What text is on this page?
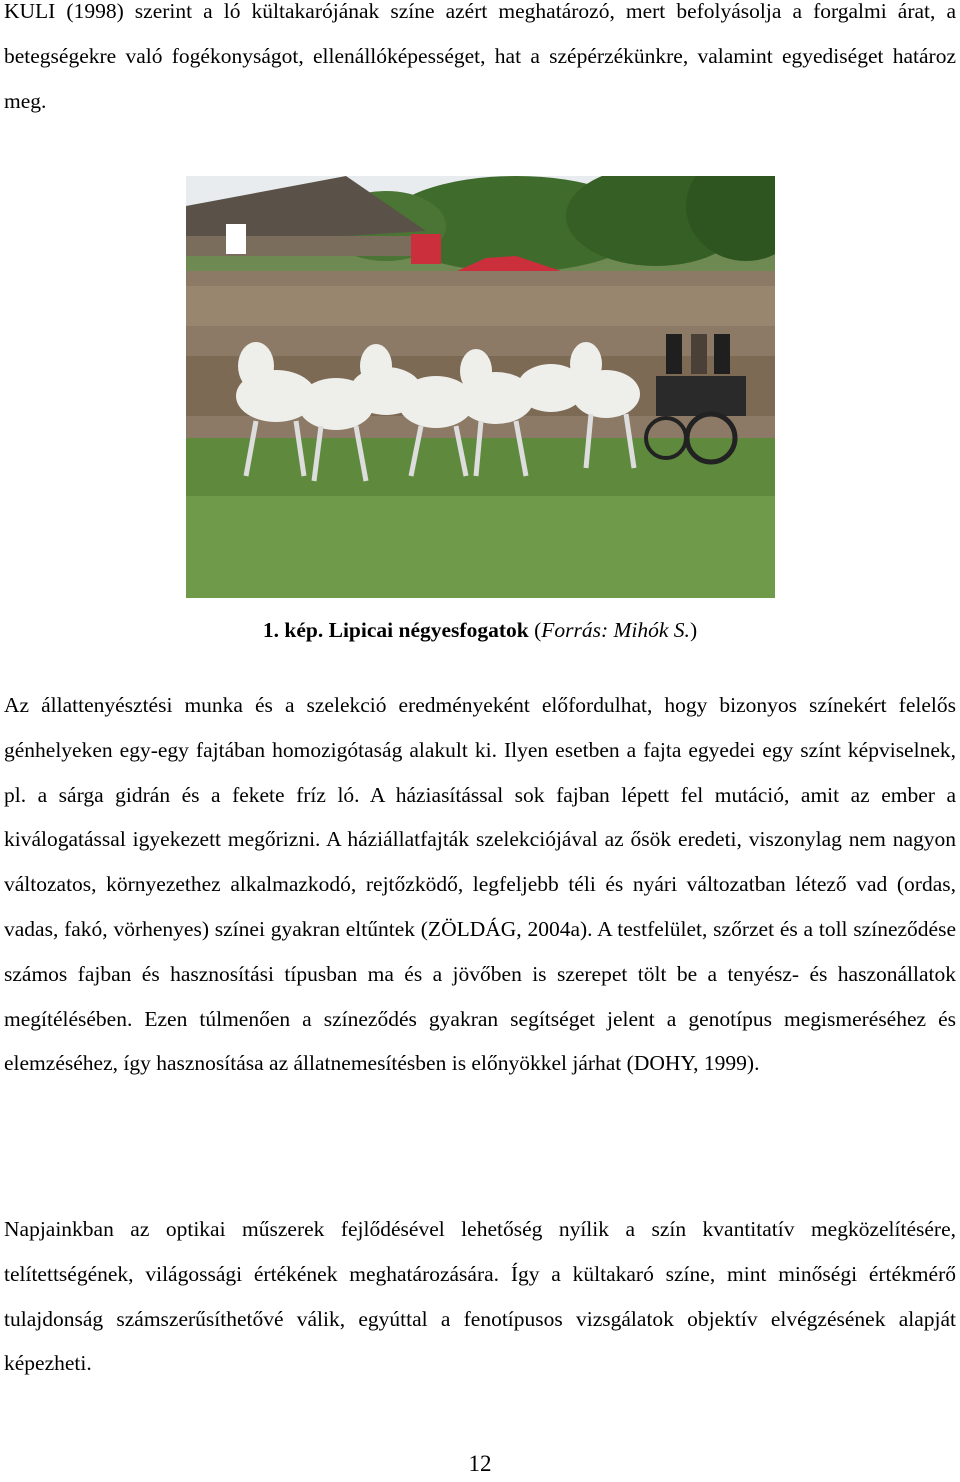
KULI (1998) szerint a ló kültakarójának színe azért meghatározó, mert befolyásolja a forgalmi árat, a betegségekre való fogékonyságot, ellenállóképességet, hat a szépérzékünkre, valamint egyediséget határoz meg.

1. kép. Lipicai négyesfogatok (Forrás: Mihók S.)

Az állattenyésztési munka és a szelekció eredményeként előfordulhat, hogy bizonyos színekért felelős génhelyeken egy-egy fajtában homozigótaság alakult ki. Ilyen esetben a fajta egyedei egy színt képviselnek, pl. a sárga gidrán és a fekete fríz ló. A háziasítással sok fajban lépett fel mutáció, amit az ember a kiválogatással igyekezett megőrizni. A háziállatfajták szelekciójával az ősök eredeti, viszonylag nem nagyon változatos, környezethez alkalmazkodó, rejtőzködő, legfeljebb téli és nyári változatban létező vad (ordas, vadas, fakó, vörhenyes) színei gyakran eltűntek (ZÖLDÁG, 2004a). A testfelület, szőrzet és a toll színeződése számos fajban és hasznosítási típusban ma és a jövőben is szerepet tölt be a tenyész- és haszonállatok megítélésében. Ezen túlmenően a színeződés gyakran segítséget jelent a genotípus megismeréséhez és elemzéséhez, így hasznosítása az állatnemesítésben is előnyökkel járhat (DOHY, 1999).

Napjainkban az optikai műszerek fejlődésével lehetőség nyílik a szín kvantitatív megközelítésére, telítettségének, világossági értékének meghatározására. Így a kültakaró színe, mint minőségi értékmérő tulajdonság számszerűsíthetővé válik, egyúttal a fenotípusos vizsgálatok objektív elvégzésének alapját képezheti.

12
